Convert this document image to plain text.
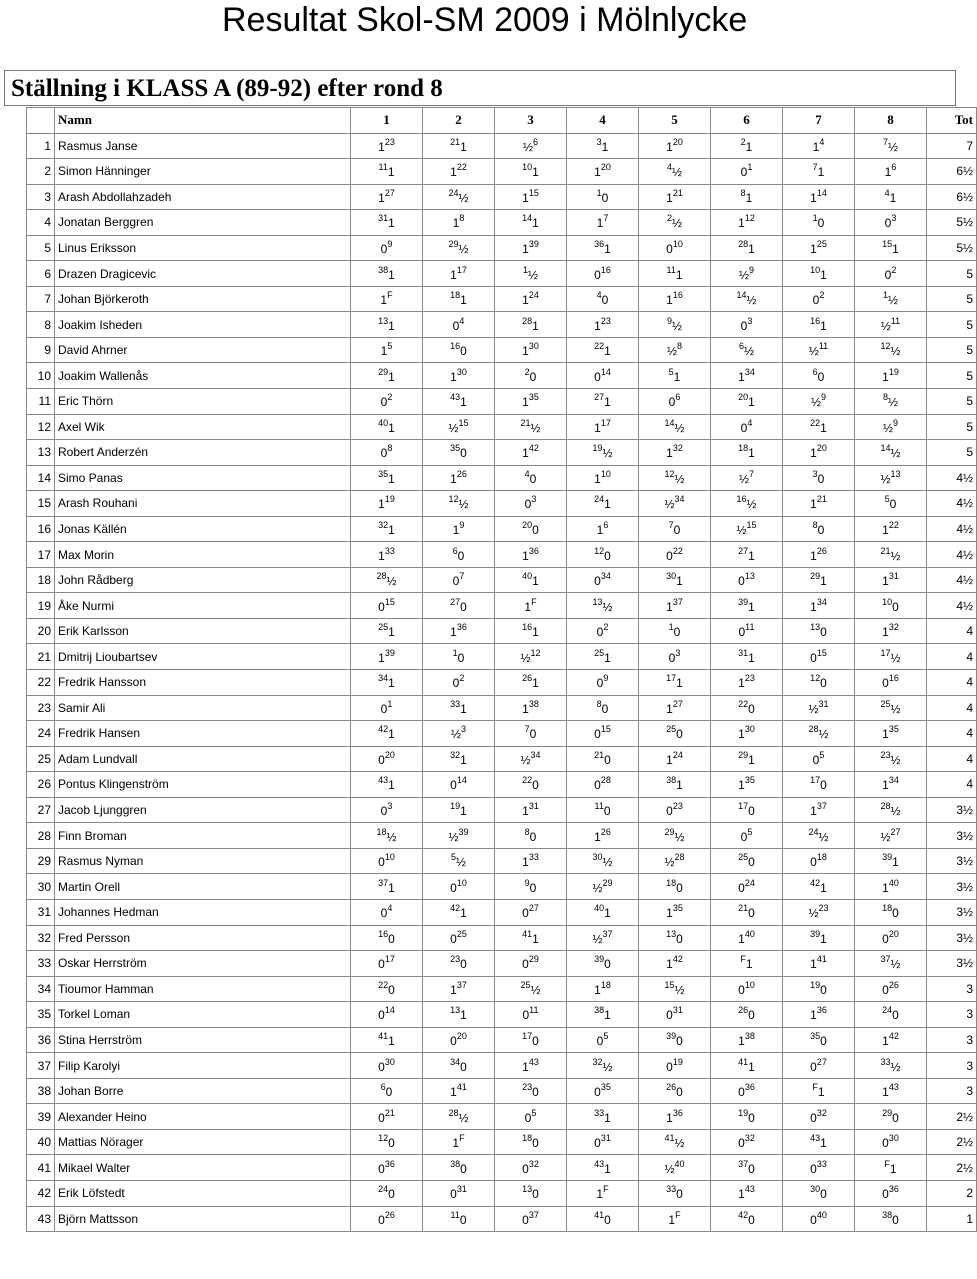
Resultat Skol-SM 2009 i Mölnlycke
Ställning i KLASS A (89-92) efter rond 8
	Namn	1	2	3	4	5	6	7	8	Tot
1	Rasmus Janse	$1^{23}$	$^{21}$1	½$^6$	$^3$1	$1^{20}$	$^2$1	$1^4$	$^7$½	7
2	Simon Hänninger	$^{11}$1	$1^{22}$	$^{10}$1	$1^{20}$	$^4$½	$0^1$	$^7$1	$1^6$	6½
3	Arash Abdollahzadeh	$1^{27}$	$^{24}$½	$1^{15}$	$^1$0	$1^{21}$	$^8$1	$1^{14}$	$^4$1	6½
4	Jonatan Berggren	$^{31}$1	$1^8$	$^{14}$1	$1^7$	$^2$½	$1^{12}$	$^1$0	$0^3$	5½
5	Linus Eriksson	$0^9$	$^{29}$½	$1^{39}$	$^{36}$1	$0^{10}$	$^{28}$1	$1^{25}$	$^{15}$1	5½
6	Drazen Dragicevic	$^{38}$1	$1^{17}$	$^1$½	$0^{16}$	$^{11}$1	½$^9$	$^{10}$1	$0^2$	5
7	Johan Björkeroth	$1^F$	$^{18}$1	$1^{24}$	$^4$0	$1^{16}$	$^{14}$½	$0^2$	$^1$½	5
8	Joakim Isheden	$^{13}$1	$0^4$	$^{28}$1	$1^{23}$	$^9$½	$0^3$	$^{16}$1	½$^{11}$	5
9	David Ahrner	$1^5$	$^{16}$0	$1^{30}$	$^{22}$1	½$^8$	$^6$½	½$^{11}$	$^{12}$½	5
10	Joakim Wallenås	$^{29}$1	$1^{30}$	$^2$0	$0^{14}$	$^5$1	$1^{34}$	$^6$0	$1^{19}$	5
11	Eric Thörn	$0^2$	$^{43}$1	$1^{35}$	$^{27}$1	$0^6$	$^{20}$1	½$^9$	$^8$½	5
12	Axel Wik	$^{40}$1	½$^{15}$	$^{21}$½	$1^{17}$	$^{14}$½	$0^4$	$^{22}$1	½$^9$	5
13	Robert Anderzén	$0^8$	$^{35}$0	$1^{42}$	$^{19}$½	$1^{32}$	$^{18}$1	$1^{20}$	$^{14}$½	5
14	Simo Panas	$^{35}$1	$1^{26}$	$^4$0	$1^{10}$	$^{12}$½	½$^7$	$^3$0	½$^{13}$	4½
15	Arash Rouhani	$1^{19}$	$^{12}$½	$0^3$	$^{24}$1	½$^{34}$	$^{16}$½	$1^{21}$	$^5$0	4½
16	Jonas Källén	$^{32}$1	$1^9$	$^{20}$0	$1^6$	$^7$0	½$^{15}$	$^8$0	$1^{22}$	4½
17	Max Morin	$1^{33}$	$^6$0	$1^{36}$	$^{12}$0	$0^{22}$	$^{27}$1	$1^{26}$	$^{21}$½	4½
18	John Rådberg	$^{28}$½	$0^7$	$^{40}$1	$0^{34}$	$^{30}$1	$0^{13}$	$^{29}$1	$1^{31}$	4½
19	Åke Nurmi	$0^{15}$	$^{27}$0	$1^F$	$^{13}$½	$1^{37}$	$^{39}$1	$1^{34}$	$^{10}$0	4½
20	Erik Karlsson	$^{25}$1	$1^{36}$	$^{16}$1	$0^2$	$^1$0	$0^{11}$	$^{13}$0	$1^{32}$	4
21	Dmitrij Lioubartsev	$1^{39}$	$^1$0	½$^{12}$	$^{25}$1	$0^3$	$^{31}$1	$0^{15}$	$^{17}$½	4
22	Fredrik Hansson	$^{34}$1	$0^2$	$^{26}$1	$0^9$	$^{17}$1	$1^{23}$	$^{12}$0	$0^{16}$	4
23	Samir Ali	$0^1$	$^{33}$1	$1^{38}$	$^8$0	$1^{27}$	$^{22}$0	½$^{31}$	$^{25}$½	4
24	Fredrik Hansen	$^{42}$1	½$^3$	$^7$0	$0^{15}$	$^{25}$0	$1^{30}$	$^{28}$½	$1^{35}$	4
25	Adam Lundvall	$0^{20}$	$^{32}$1	½$^{34}$	$^{21}$0	$1^{24}$	$^{29}$1	$0^5$	$^{23}$½	4
26	Pontus Klingenström	$^{43}$1	$0^{14}$	$^{22}$0	$0^{28}$	$^{38}$1	$1^{35}$	$^{17}$0	$1^{34}$	4
27	Jacob Ljunggren	$0^3$	$^{19}$1	$1^{31}$	$^{11}$0	$0^{23}$	$^{17}$0	$1^{37}$	$^{28}$½	3½
28	Finn Broman	$^{18}$½	½$^{39}$	$^8$0	$1^{26}$	$^{29}$½	$0^5$	$^{24}$½	½$^{27}$	3½
29	Rasmus Nyman	$0^{10}$	$^5$½	$1^{33}$	$^{30}$½	½$^{28}$	$^{25}$0	$0^{18}$	$^{39}$1	3½
30	Martin Orell	$^{37}$1	$0^{10}$	$^9$0	½$^{29}$	$^{18}$0	$0^{24}$	$^{42}$1	$1^{40}$	3½
31	Johannes Hedman	$0^4$	$^{42}$1	$0^{27}$	$^{40}$1	$1^{35}$	$^{21}$0	½$^{23}$	$^{18}$0	3½
32	Fred Persson	$^{16}$0	$0^{25}$	$^{41}$1	½$^{37}$	$^{13}$0	$1^{40}$	$^{39}$1	$0^{20}$	3½
33	Oskar Herrström	$0^{17}$	$^{23}$0	$0^{29}$	$^{39}$0	$1^{42}$	$^F$1	$1^{41}$	$^{37}$½	3½
34	Tioumor Hamman	$^{22}$0	$1^{37}$	$^{25}$½	$1^{18}$	$^{15}$½	$0^{10}$	$^{19}$0	$0^{26}$	3
35	Torkel Loman	$0^{14}$	$^{13}$1	$0^{11}$	$^{38}$1	$0^{31}$	$^{26}$0	$1^{36}$	$^{24}$0	3
36	Stina Herrström	$^{41}$1	$0^{20}$	$^{17}$0	$0^5$	$^{39}$0	$1^{38}$	$^{35}$0	$1^{42}$	3
37	Filip Karolyi	$0^{30}$	$^{34}$0	$1^{43}$	$^{32}$½	$0^{19}$	$^{41}$1	$0^{27}$	$^{33}$½	3
38	Johan Borre	$^6$0	$1^{41}$	$^{23}$0	$0^{35}$	$^{26}$0	$0^{36}$	$^F$1	$1^{43}$	3
39	Alexander Heino	$0^{21}$	$^{28}$½	$0^5$	$^{33}$1	$1^{36}$	$^{19}$0	$0^{32}$	$^{29}$0	2½
40	Mattias Nörager	$^{12}$0	$1^F$	$^{18}$0	$0^{31}$	$^{41}$½	$0^{32}$	$^{43}$1	$0^{30}$	2½
41	Mikael Walter	$0^{36}$	$^{38}$0	$0^{32}$	$^{43}$1	½$^{40}$	$^{37}$0	$0^{33}$	$^F$1	2½
42	Erik Löfstedt	$^{24}$0	$0^{31}$	$^{13}$0	$1^F$	$^{33}$0	$1^{43}$	$^{30}$0	$0^{36}$	2
43	Björn Mattsson	$0^{26}$	$^{11}$0	$0^{37}$	$^{41}$0	$1^F$	$^{42}$0	$0^{40}$	$^{38}$0	1
